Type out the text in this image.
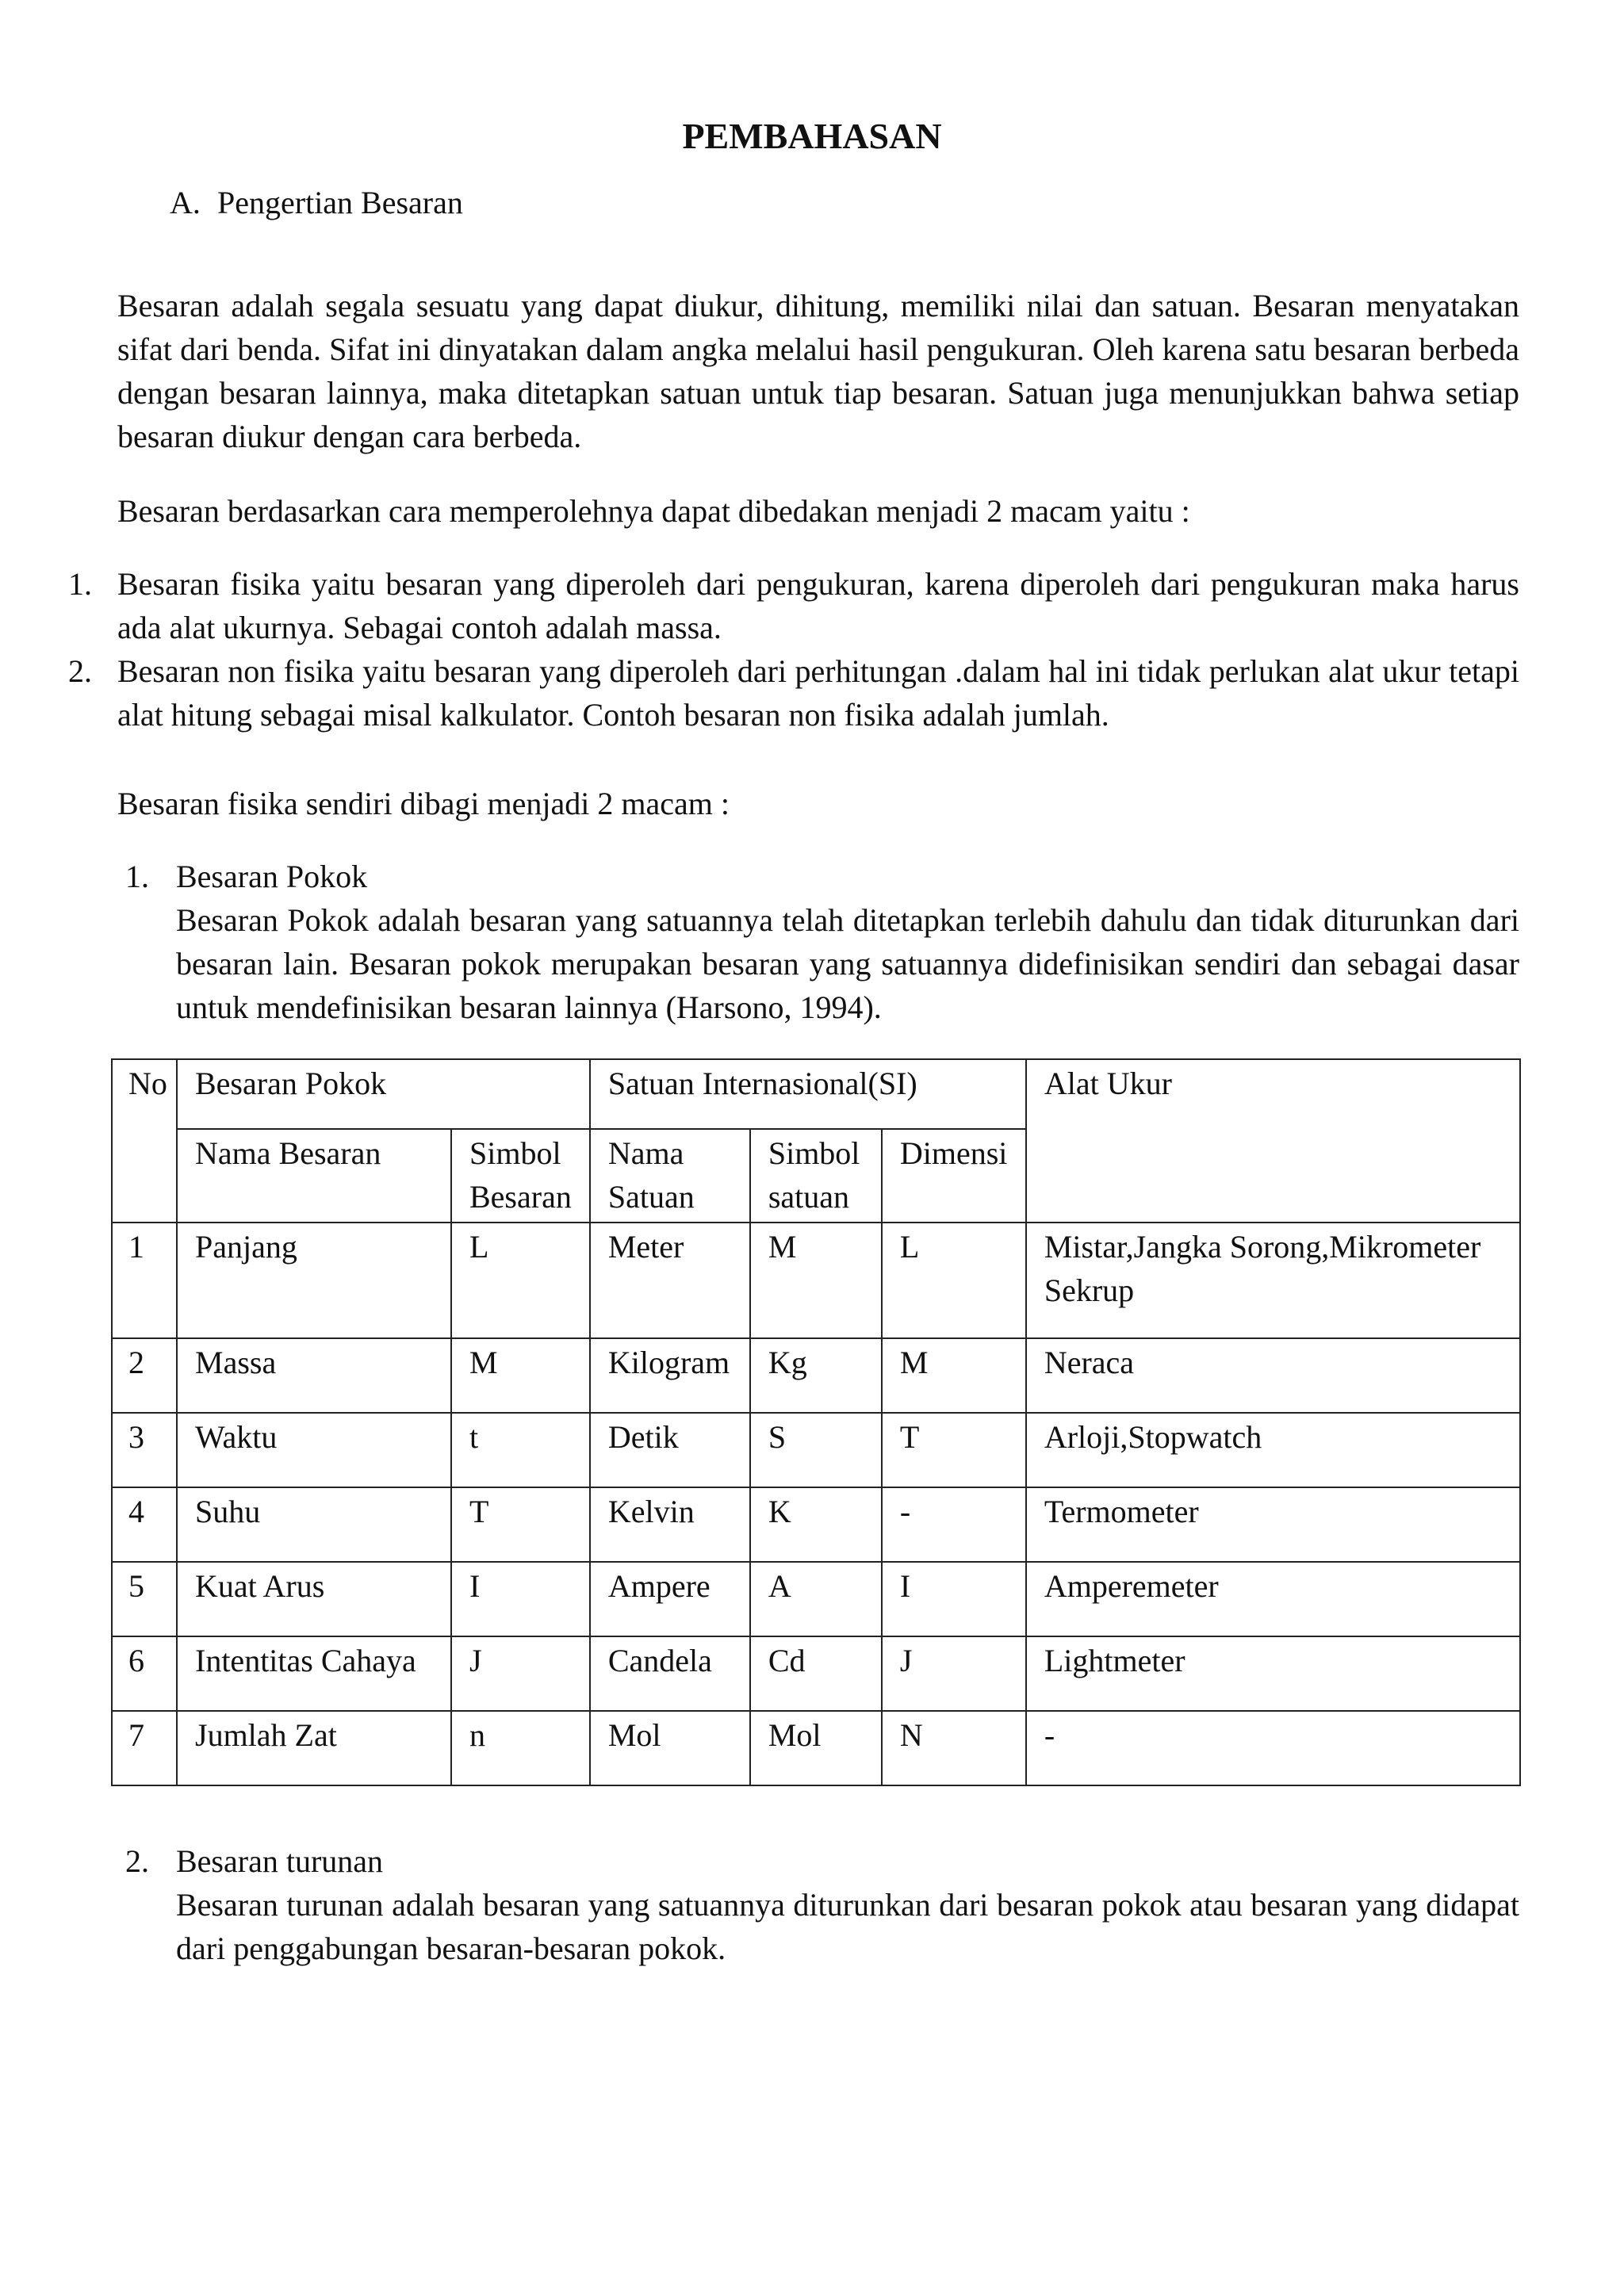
PEMBAHASAN
A. Pengertian Besaran

Besaran adalah segala sesuatu yang dapat diukur, dihitung, memiliki nilai dan satuan. Besaran menyatakan sifat dari benda. Sifat ini dinyatakan dalam angka melalui hasil pengukuran. Oleh karena satu besaran berbeda dengan besaran lainnya, maka ditetapkan satuan untuk tiap besaran. Satuan juga menunjukkan bahwa setiap besaran diukur dengan cara berbeda.

Besaran berdasarkan cara memperolehnya dapat dibedakan menjadi 2 macam yaitu :

1. Besaran fisika yaitu besaran yang diperoleh dari pengukuran, karena diperoleh dari pengukuran maka harus ada alat ukurnya. Sebagai contoh adalah massa.
2. Besaran non fisika yaitu besaran yang diperoleh dari perhitungan .dalam hal ini tidak perlukan alat ukur tetapi alat hitung sebagai misal kalkulator. Contoh besaran non fisika adalah jumlah.

Besaran fisika sendiri dibagi menjadi 2 macam :

1. Besaran Pokok
Besaran Pokok adalah besaran yang satuannya telah ditetapkan terlebih dahulu dan tidak diturunkan dari besaran lain. Besaran pokok merupakan besaran yang satuannya didefinisikan sendiri dan sebagai dasar untuk mendefinisikan besaran lainnya (Harsono, 1994).
No	Besaran Pokok		Satuan Internasional(SI)			Alat Ukur
	Nama Besaran	Simbol Besaran	Nama Satuan	Simbol satuan	Dimensi	
1	Panjang	L	Meter	M	L	Mistar,Jangka Sorong,Mikrometer Sekrup
2	Massa	M	Kilogram	Kg	M	Neraca
3	Waktu	t	Detik	S	T	Arloji,Stopwatch
4	Suhu	T	Kelvin	K	-	Termometer
5	Kuat Arus	I	Ampere	A	I	Amperemeter
6	Intentitas Cahaya	J	Candela	Cd	J	Lightmeter
7	Jumlah Zat	n	Mol	Mol	N	-
2. Besaran turunan
Besaran turunan adalah besaran yang satuannya diturunkan dari besaran pokok atau besaran yang didapat dari penggabungan besaran-besaran pokok.
